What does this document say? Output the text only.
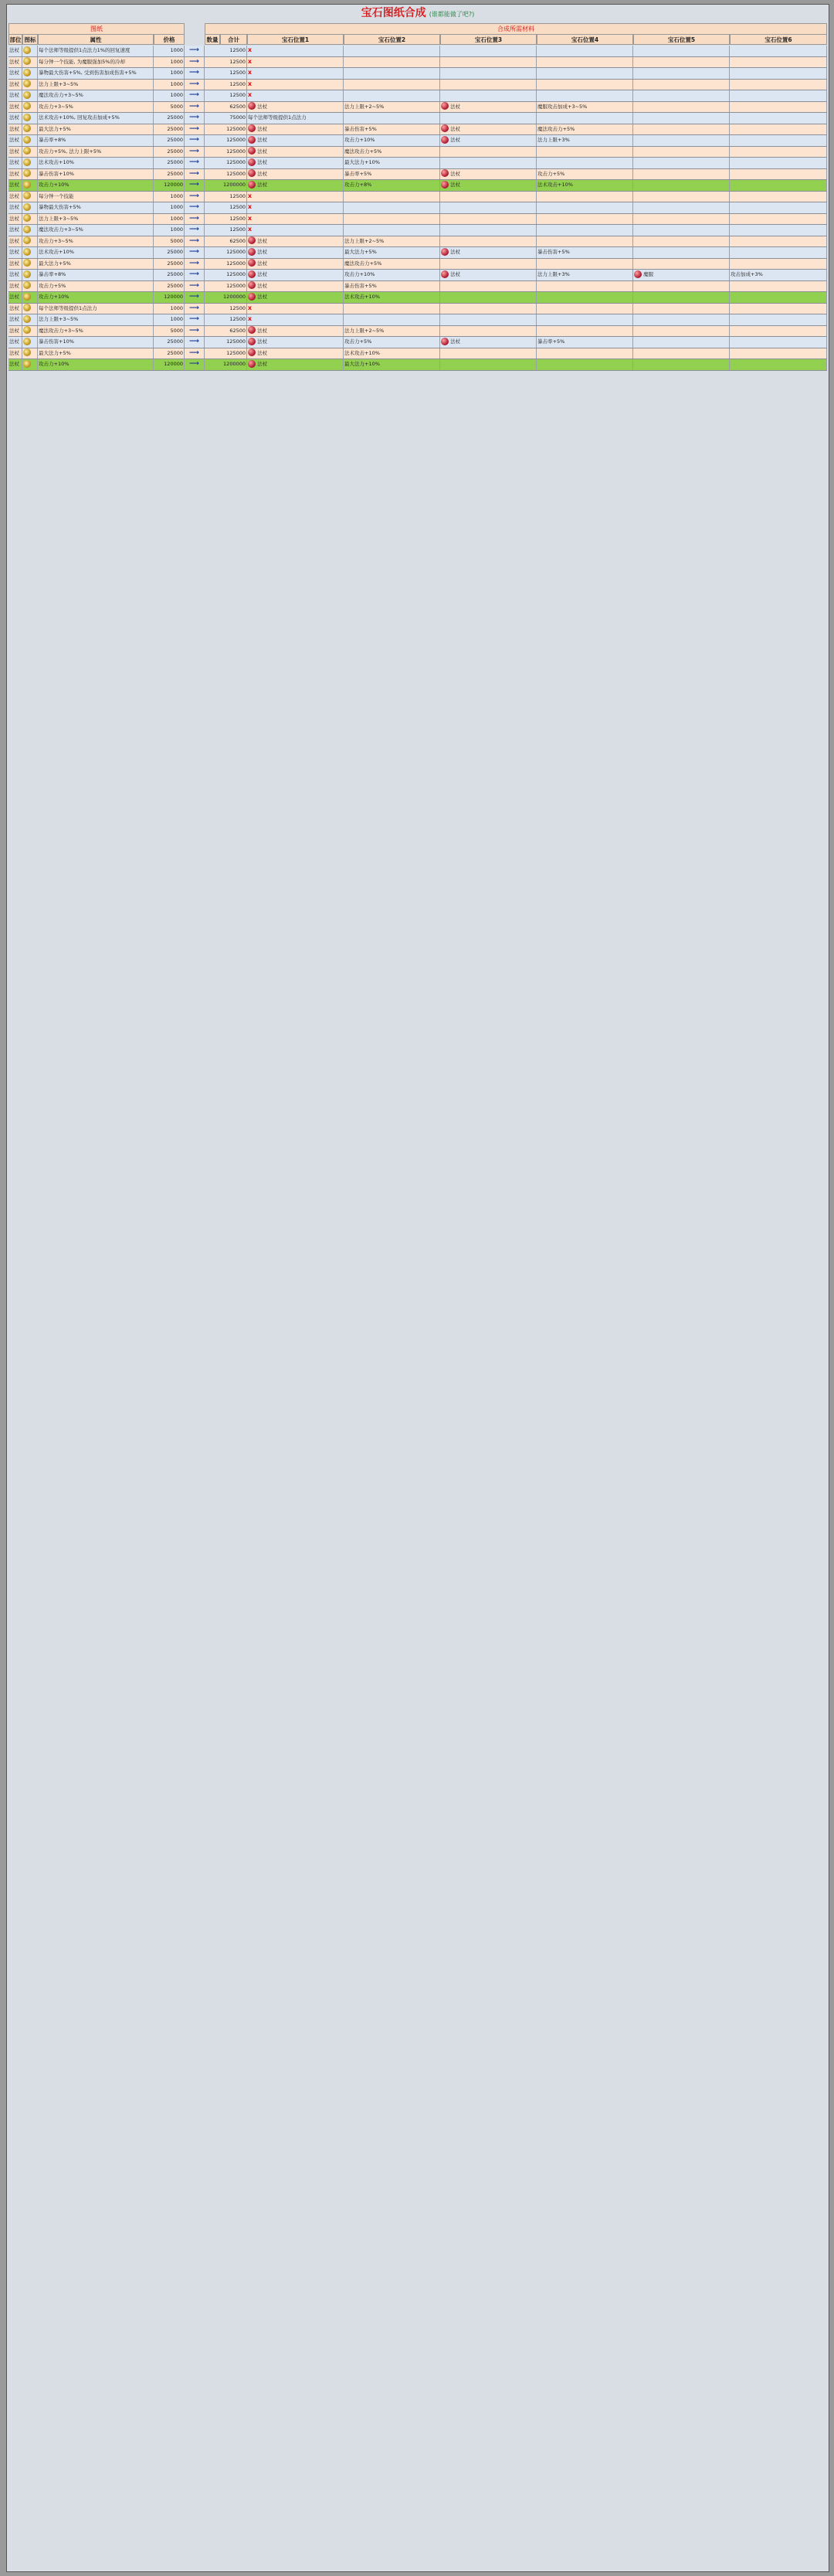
宝石图纸合成 (谁都能做了吧?)
图纸	合成所需材料
部位 图标	属性	价格	数量	合计	宝石位置1	宝石位置2	宝石位置3	宝石位置4	宝石位置5	宝石位置6
法杖	每个法师等级提供1点法力1%的回复速度	1000 ⟶	12500 X
法杖	每分钟一个技能, 为魔服强加5%的冷却	1000 ⟶	12500 X
法杖	暴物最大伤害+5%, 受到伤害加成伤害+5%	1000 ⟶	12500 X
法杖	法力上限+3~5%	1000 ⟶	12500 X
法杖	魔法攻击力+3~5%	1000 ⟶	12500 X
法杖	攻击力+3~5%	5000 ⟶	62500	法杖	法力上限+2~5%	法杖	魔服攻击加成+3~5%
法杖	法术攻击+10%, 回复攻击加成+5%	25000 ⟶	75000 每个法师等级提供1点法力
法杖	最大法力+5%	25000 ⟶	125000	法杖	暴击伤害+5%	法杖	魔法攻击力+5%
法杖	暴击率+8%	25000 ⟶	125000	法杖	攻击力+10%	法杖	法力上限+3%
法杖	攻击力+5%, 法力上限+5%	25000 ⟶	125000	法杖	魔法攻击力+5%
法杖	法术攻击+10%	25000 ⟶	125000	法杖	最大法力+10%
法杖	暴击伤害+10%	25000 ⟶	125000	法杖	暴击率+5%	法杖	攻击力+5%
法杖	攻击力+10%	120000 ⟶	1200000	法杖	攻击力+8%	法杖	法术攻击+10%
法杖	每分钟一个技能	1000 ⟶	12500 X
法杖	暴物最大伤害+5%	1000 ⟶	12500 X
法杖	法力上限+3~5%	1000 ⟶	12500 X
法杖	魔法攻击力+3~5%	1000 ⟶	12500 X
法杖	攻击力+3~5%	5000 ⟶	62500	法杖	法力上限+2~5%
法杖	法术攻击+10%	25000 ⟶	125000	法杖	最大法力+5%	法杖	暴击伤害+5%
法杖	最大法力+5%	25000 ⟶	125000	法杖	魔法攻击力+5%
法杖	暴击率+8%	25000 ⟶	125000	法杖	攻击力+10%	法杖	法力上限+3%	魔服	攻击加成+3%
法杖	攻击力+5%	25000 ⟶	125000	法杖	暴击伤害+5%
法杖	攻击力+10%	120000 ⟶	1200000	法杖	法术攻击+10%
法杖	每个法师等级提供1点法力	1000 ⟶	12500 X
法杖	法力上限+3~5%	1000 ⟶	12500 X
法杖	魔法攻击力+3~5%	5000 ⟶	62500	法杖	法力上限+2~5%
法杖	暴击伤害+10%	25000 ⟶	125000	法杖	攻击力+5%	法杖	暴击率+5%
法杖	最大法力+5%	25000 ⟶	125000	法杖	法术攻击+10%
法杖	攻击力+10%	120000 ⟶	1200000	法杖	最大法力+10%
